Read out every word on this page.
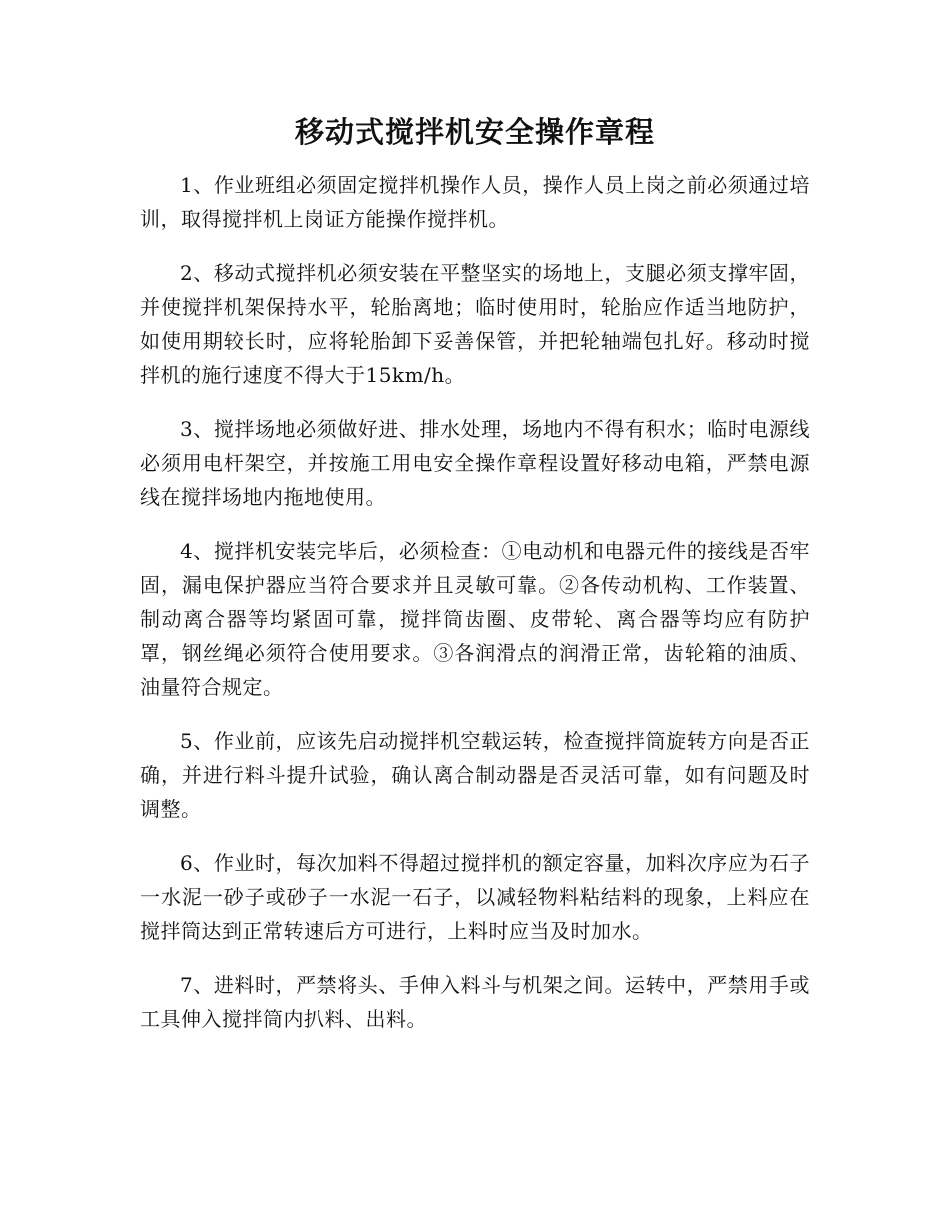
移动式搅拌机安全操作章程

1、作业班组必须固定搅拌机操作人员，操作人员上岗之前必须通过培训，取得搅拌机上岗证方能操作搅拌机。

2、移动式搅拌机必须安装在平整坚实的场地上，支腿必须支撑牢固，并使搅拌机架保持水平，轮胎离地；临时使用时，轮胎应作适当地防护，如使用期较长时，应将轮胎卸下妥善保管，并把轮轴端包扎好。移动时搅拌机的施行速度不得大于15km/h。

3、搅拌场地必须做好进、排水处理，场地内不得有积水；临时电源线必须用电杆架空，并按施工用电安全操作章程设置好移动电箱，严禁电源线在搅拌场地内拖地使用。

4、搅拌机安装完毕后，必须检查：①电动机和电器元件的接线是否牢固，漏电保护器应当符合要求并且灵敏可靠。②各传动机构、工作装置、制动离合器等均紧固可靠，搅拌筒齿圈、皮带轮、离合器等均应有防护罩，钢丝绳必须符合使用要求。③各润滑点的润滑正常，齿轮箱的油质、油量符合规定。

5、作业前，应该先启动搅拌机空载运转，检查搅拌筒旋转方向是否正确，并进行料斗提升试验，确认离合制动器是否灵活可靠，如有问题及时调整。

6、作业时，每次加料不得超过搅拌机的额定容量，加料次序应为石子一水泥一砂子或砂子一水泥一石子，以减轻物料粘结料的现象，上料应在搅拌筒达到正常转速后方可进行，上料时应当及时加水。

7、进料时，严禁将头、手伸入料斗与机架之间。运转中，严禁用手或工具伸入搅拌筒内扒料、出料。
